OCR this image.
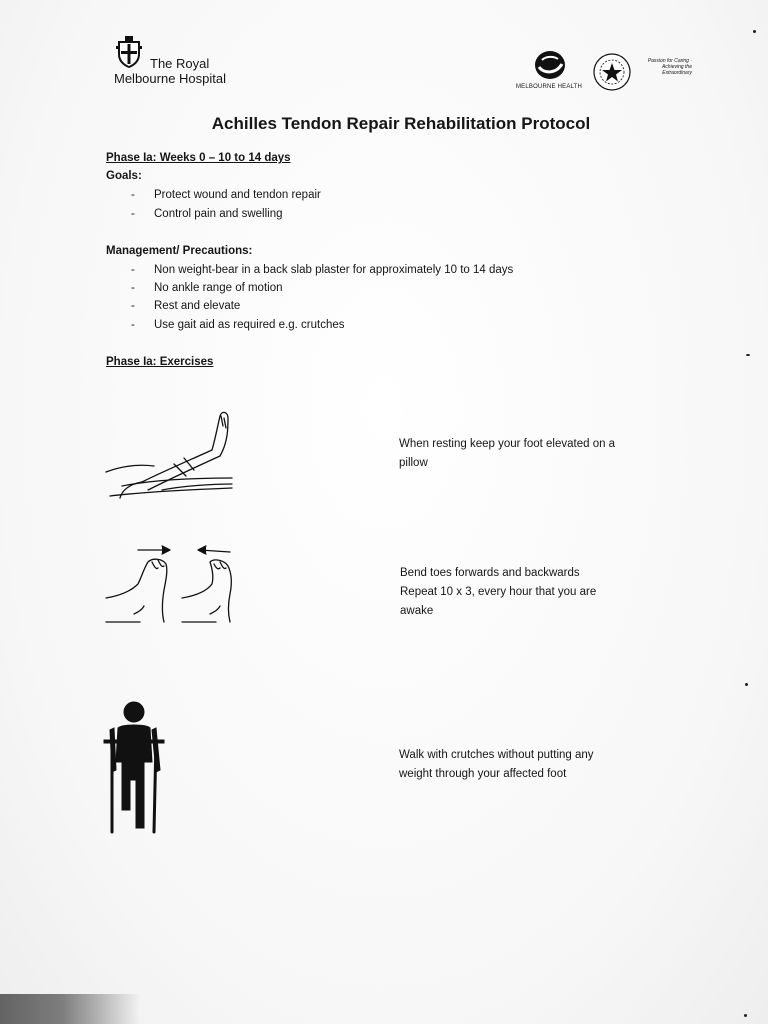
The Royal
Melbourne Hospital
MELBOURNE HEALTH
Passion for Caring · Achieving the Extraordinary
Achilles Tendon Repair Rehabilitation Protocol
Phase Ia: Weeks 0 – 10 to 14 days
Goals:
- Protect wound and tendon repair
- Control pain and swelling
Management/ Precautions:
- Non weight-bear in a back slab plaster for approximately 10 to 14 days
- No ankle range of motion
- Rest and elevate
- Use gait aid as required e.g. crutches
Phase Ia: Exercises
When resting keep your foot elevated on a
pillow
Bend toes forwards and backwards
Repeat 10 x 3, every hour that you are
awake
Walk with crutches without putting any
weight through your affected foot
